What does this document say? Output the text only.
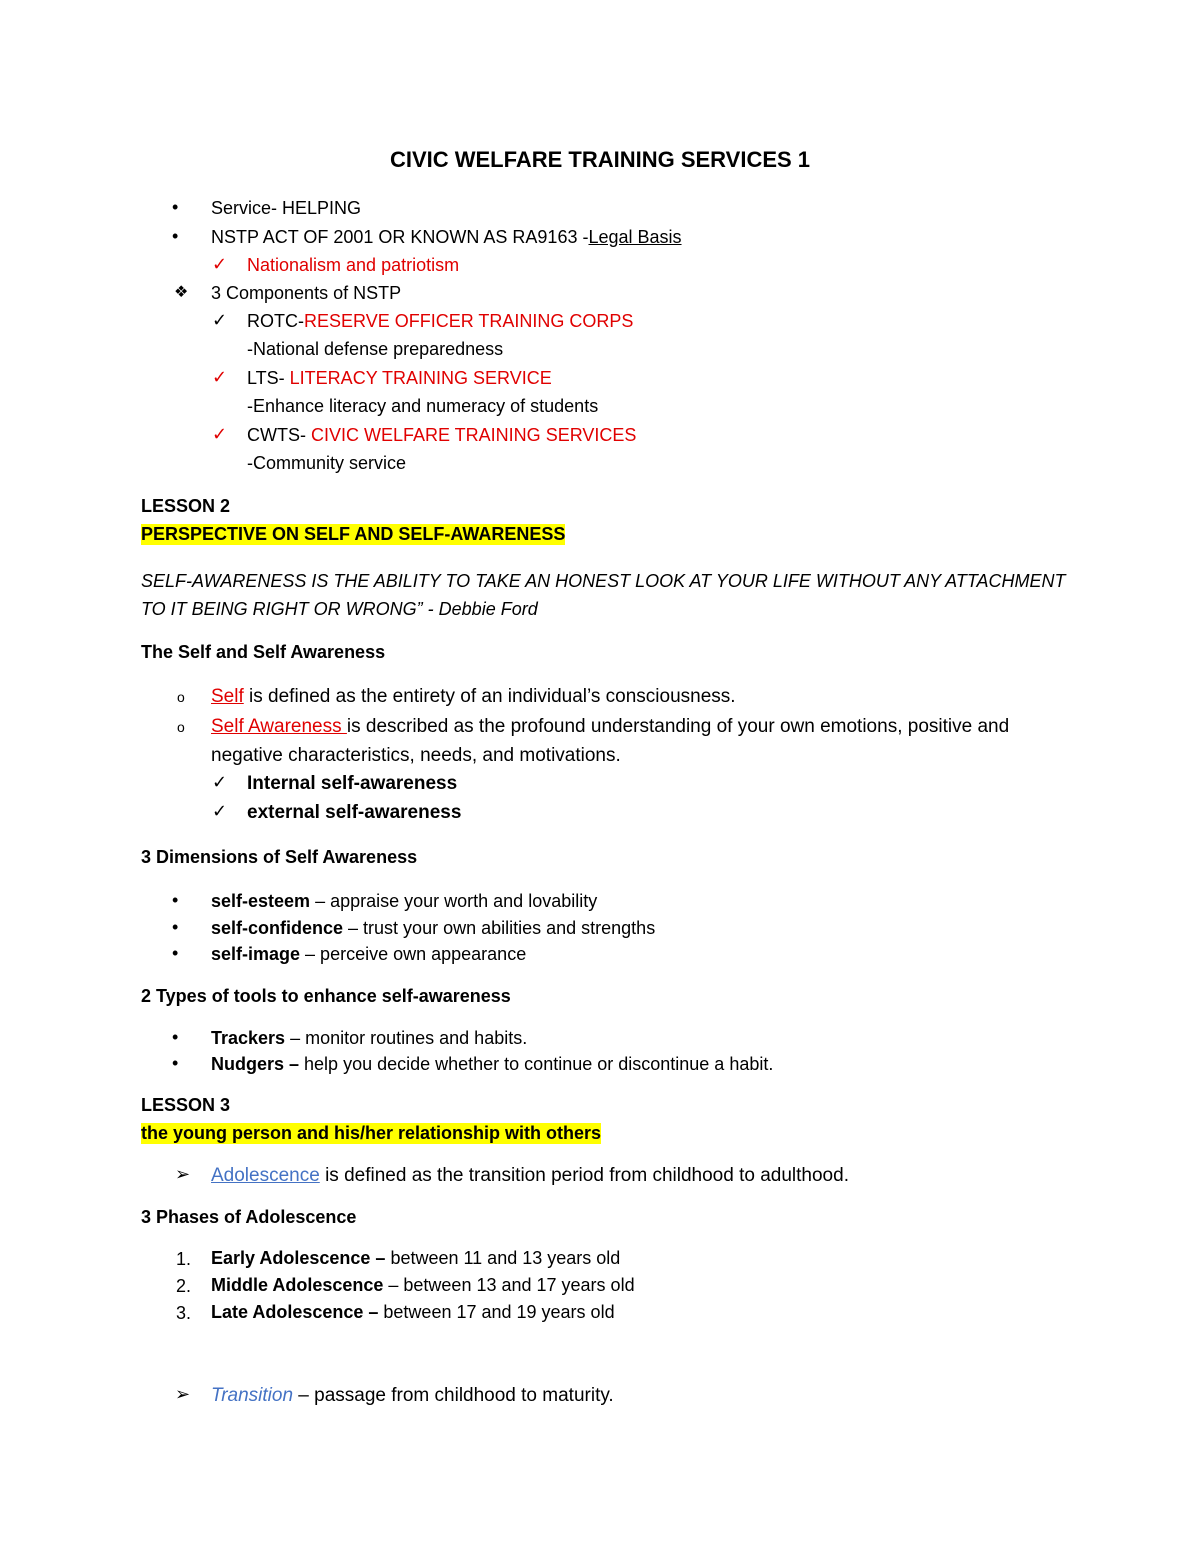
CIVIC WELFARE TRAINING SERVICES 1
• Service- HELPING
• NSTP ACT OF 2001 OR KNOWN AS RA9163 -Legal Basis
✓ Nationalism and patriotism
❖ 3 Components of NSTP
✓ ROTC-RESERVE OFFICER TRAINING CORPS
-National defense preparedness
✓ LTS- LITERACY TRAINING SERVICE
-Enhance literacy and numeracy of students
✓ CWTS- CIVIC WELFARE TRAINING SERVICES
-Community service
LESSON 2
PERSPECTIVE ON SELF AND SELF-AWARENESS
SELF-AWARENESS IS THE ABILITY TO TAKE AN HONEST LOOK AT YOUR LIFE WITHOUT ANY ATTACHMENT
TO IT BEING RIGHT OR WRONG” - Debbie Ford
The Self and Self Awareness
o Self is defined as the entirety of an individual’s consciousness.
o Self Awareness is described as the profound understanding of your own emotions, positive and
negative characteristics, needs, and motivations.
✓ Internal self-awareness
✓ external self-awareness
3 Dimensions of Self Awareness
• self-esteem – appraise your worth and lovability
• self-confidence – trust your own abilities and strengths
• self-image – perceive own appearance
2 Types of tools to enhance self-awareness
• Trackers – monitor routines and habits.
• Nudgers – help you decide whether to continue or discontinue a habit.
LESSON 3
the young person and his/her relationship with others
➢ Adolescence is defined as the transition period from childhood to adulthood.
3 Phases of Adolescence
1. Early Adolescence – between 11 and 13 years old
2. Middle Adolescence – between 13 and 17 years old
3. Late Adolescence – between 17 and 19 years old
➢ Transition – passage from childhood to maturity.
